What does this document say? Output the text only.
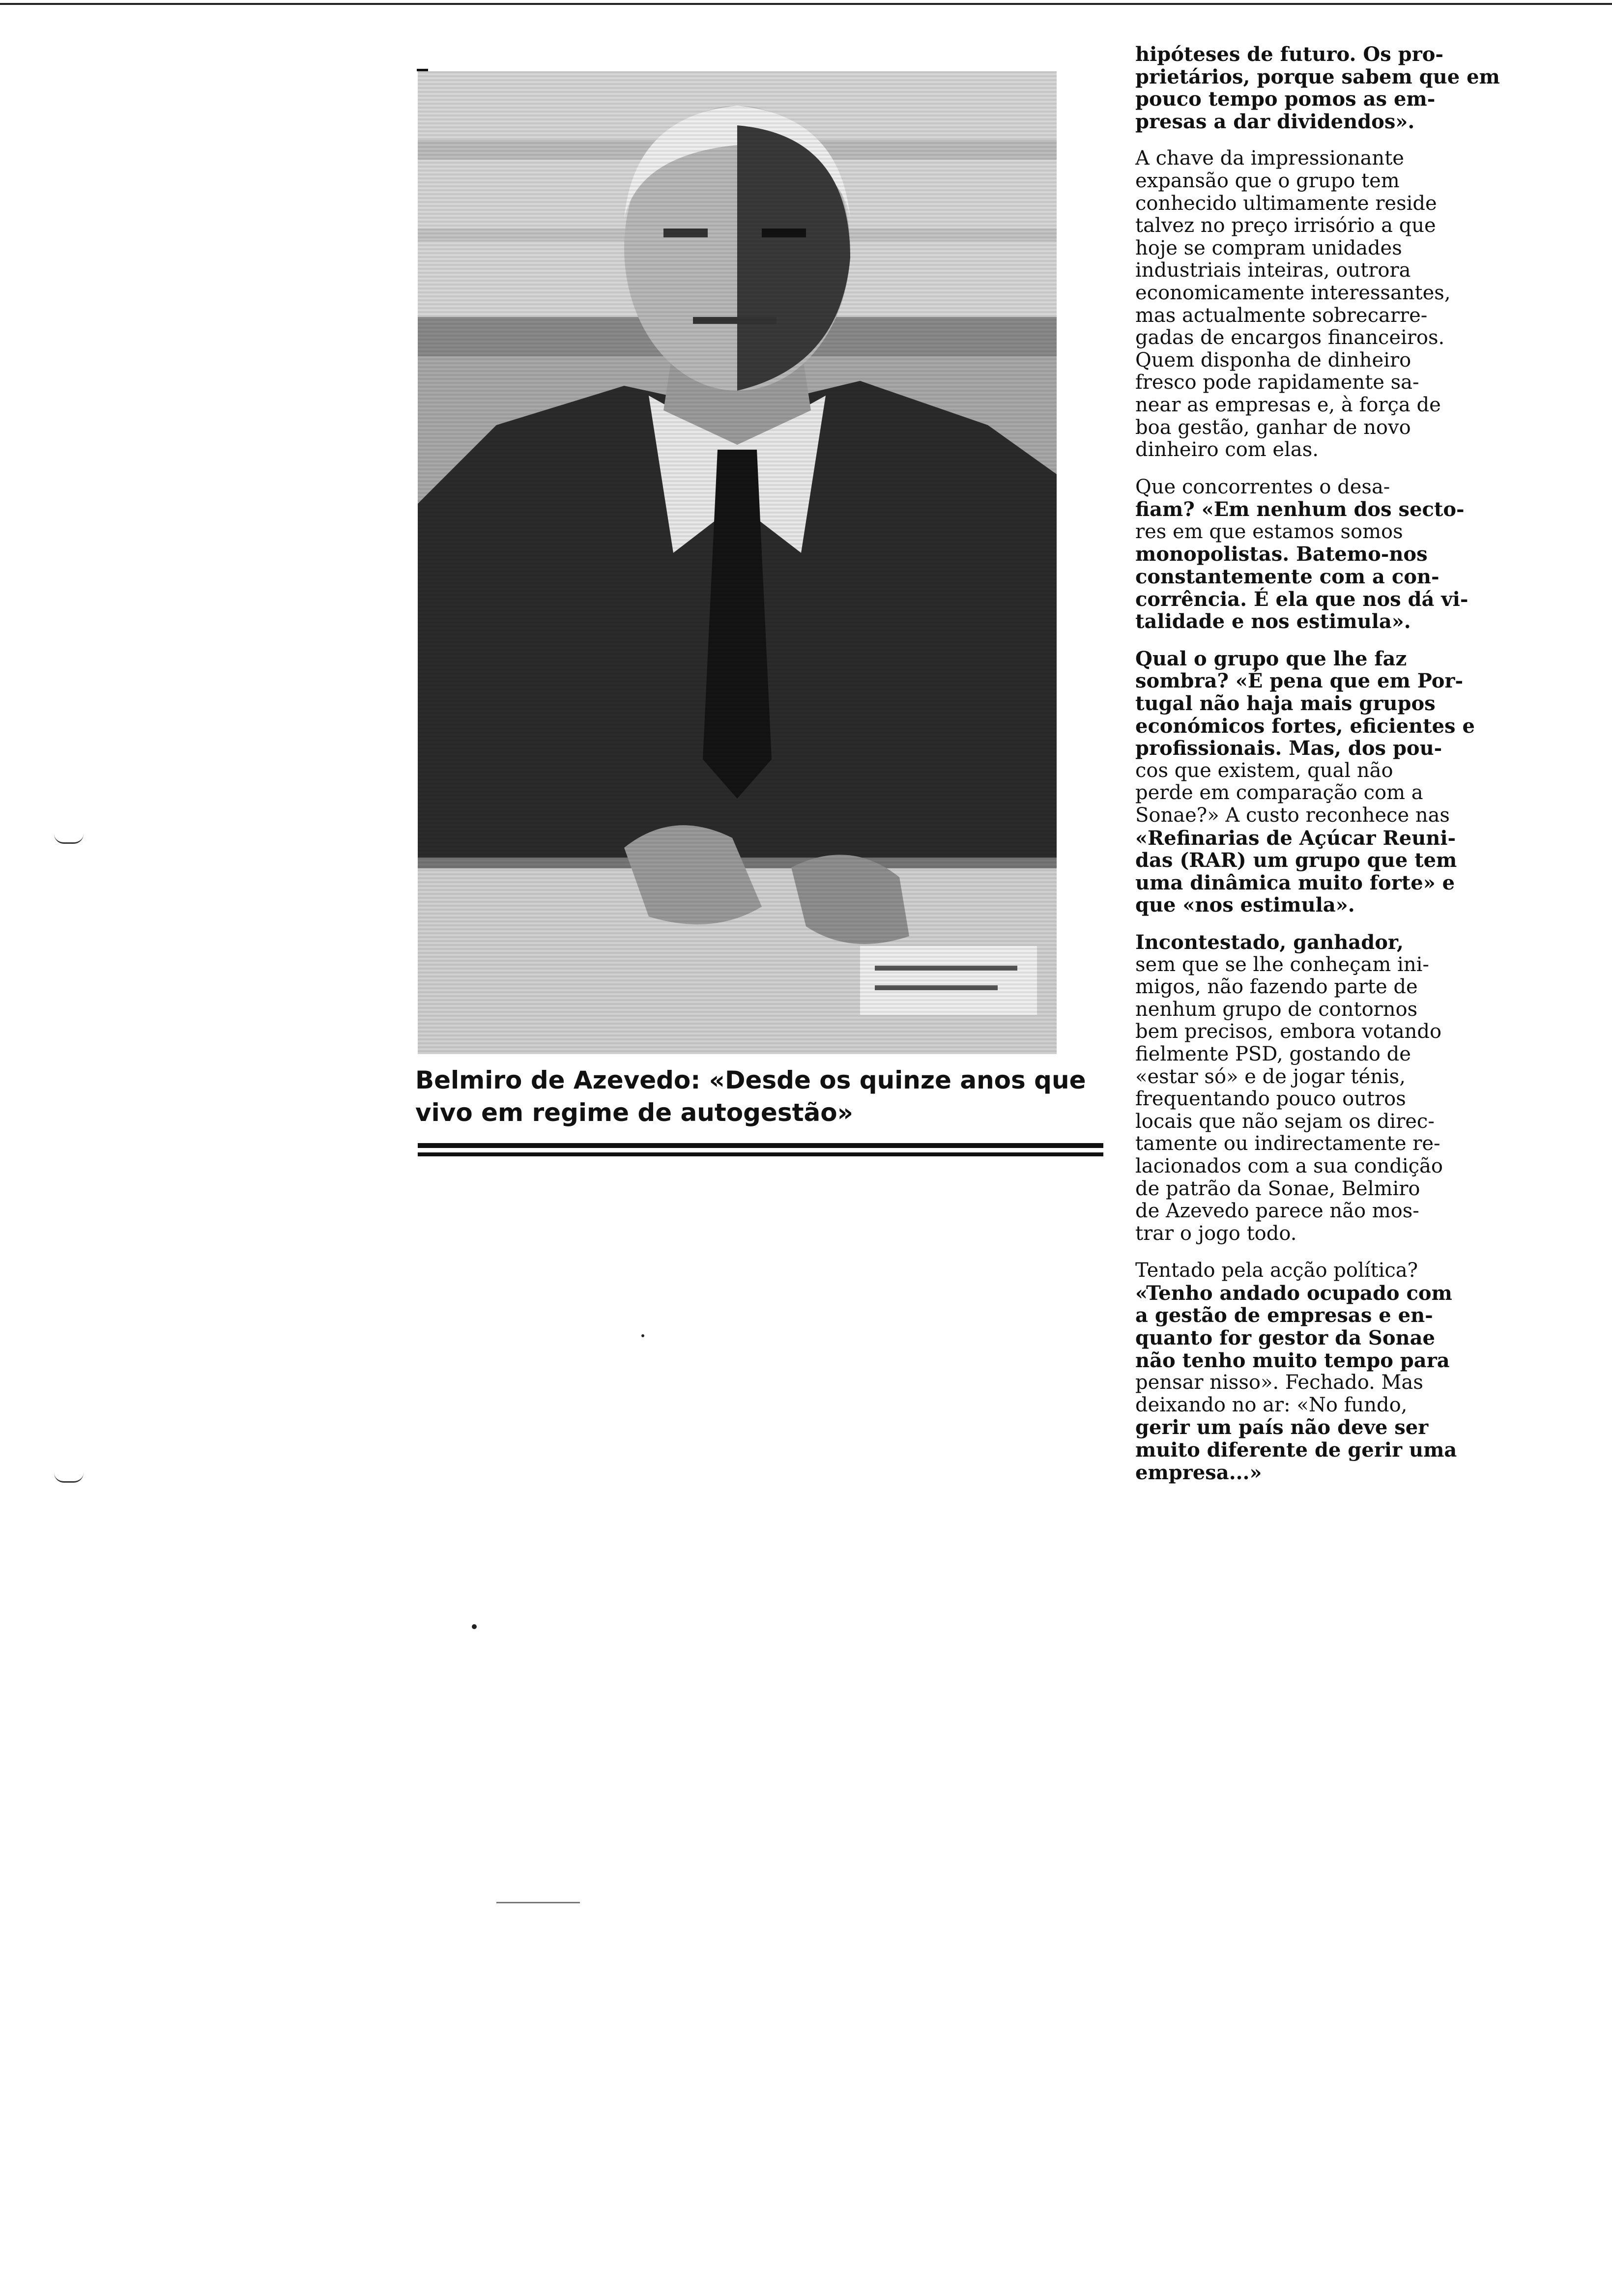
Belmiro de Azevedo: «Desde os quinze anos que
vivo em regime de autogestão»
hipóteses de futuro. Os pro-
prietários, porque sabem que em
pouco tempo pomos as em-
presas a dar dividendos».
A chave da impressionante
expansão que o grupo tem
conhecido ultimamente reside
talvez no preço irrisório a que
hoje se compram unidades
industriais inteiras, outrora
economicamente interessantes,
mas actualmente sobrecarre-
gadas de encargos financeiros.
Quem disponha de dinheiro
fresco pode rapidamente sa-
near as empresas e, à força de
boa gestão, ganhar de novo
dinheiro com elas.
Que concorrentes o desa-
fiam? «Em nenhum dos secto-
res em que estamos somos
monopolistas. Batemo-nos
constantemente com a con-
corrência. É ela que nos dá vi-
talidade e nos estimula».
Qual o grupo que lhe faz
sombra? «É pena que em Por-
tugal não haja mais grupos
económicos fortes, eficientes e
profissionais. Mas, dos pou-
cos que existem, qual não
perde em comparação com a
Sonae?» A custo reconhece nas
«Refinarias de Açúcar Reuni-
das (RAR) um grupo que tem
uma dinâmica muito forte» e
que «nos estimula».
Incontestado, ganhador,
sem que se lhe conheçam ini-
migos, não fazendo parte de
nenhum grupo de contornos
bem precisos, embora votando
fielmente PSD, gostando de
«estar só» e de jogar ténis,
frequentando pouco outros
locais que não sejam os direc-
tamente ou indirectamente re-
lacionados com a sua condição
de patrão da Sonae, Belmiro
de Azevedo parece não mos-
trar o jogo todo.
Tentado pela acção política?
«Tenho andado ocupado com
a gestão de empresas e en-
quanto for gestor da Sonae
não tenho muito tempo para
pensar nisso». Fechado. Mas
deixando no ar: «No fundo,
gerir um país não deve ser
muito diferente de gerir uma
empresa...»
